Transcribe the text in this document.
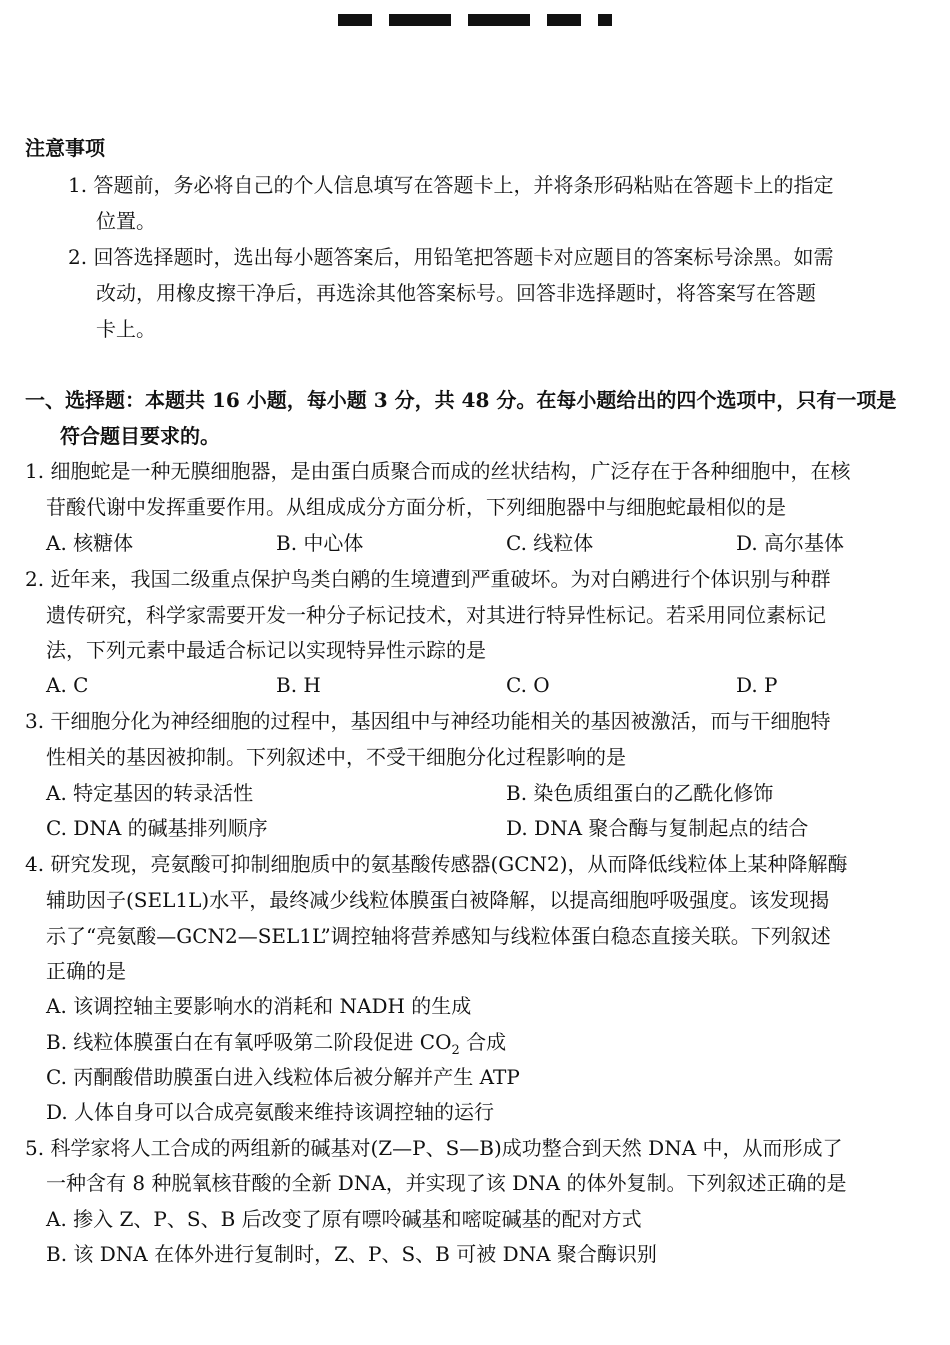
注意事项
1. 答题前，务必将自己的个人信息填写在答题卡上，并将条形码粘贴在答题卡上的指定
位置。
2. 回答选择题时，选出每小题答案后，用铅笔把答题卡对应题目的答案标号涂黑。如需
改动，用橡皮擦干净后，再选涂其他答案标号。回答非选择题时，将答案写在答题
卡上。
一、选择题：本题共 16 小题，每小题 3 分，共 48 分。在每小题给出的四个选项中，只有一项是
符合题目要求的。
1. 细胞蛇是一种无膜细胞器，是由蛋白质聚合而成的丝状结构，广泛存在于各种细胞中，在核
苷酸代谢中发挥重要作用。从组成成分方面分析，下列细胞器中与细胞蛇最相似的是
A. 核糖体	B. 中心体	C. 线粒体	D. 高尔基体
2. 近年来，我国二级重点保护鸟类白鹇的生境遭到严重破坏。为对白鹇进行个体识别与种群
遗传研究，科学家需要开发一种分子标记技术，对其进行特异性标记。若采用同位素标记
法，下列元素中最适合标记以实现特异性示踪的是
A. C	B. H	C. O	D. P
3. 干细胞分化为神经细胞的过程中，基因组中与神经功能相关的基因被激活，而与干细胞特
性相关的基因被抑制。下列叙述中，不受干细胞分化过程影响的是
A. 特定基因的转录活性	B. 染色质组蛋白的乙酰化修饰
C. DNA 的碱基排列顺序	D. DNA 聚合酶与复制起点的结合
4. 研究发现，亮氨酸可抑制细胞质中的氨基酸传感器(GCN2)，从而降低线粒体上某种降解酶
辅助因子(SEL1L)水平，最终减少线粒体膜蛋白被降解，以提高细胞呼吸强度。该发现揭
示了“亮氨酸—GCN2—SEL1L”调控轴将营养感知与线粒体蛋白稳态直接关联。下列叙述
正确的是
A. 该调控轴主要影响水的消耗和 NADH 的生成
B. 线粒体膜蛋白在有氧呼吸第二阶段促进 $CO_2$ 合成
C. 丙酮酸借助膜蛋白进入线粒体后被分解并产生 ATP
D. 人体自身可以合成亮氨酸来维持该调控轴的运行
5. 科学家将人工合成的两组新的碱基对(Z—P、S—B)成功整合到天然 DNA 中，从而形成了
一种含有 8 种脱氧核苷酸的全新 DNA，并实现了该 DNA 的体外复制。下列叙述正确的是
A. 掺入 Z、P、S、B 后改变了原有嘌呤碱基和嘧啶碱基的配对方式
B. 该 DNA 在体外进行复制时，Z、P、S、B 可被 DNA 聚合酶识别
